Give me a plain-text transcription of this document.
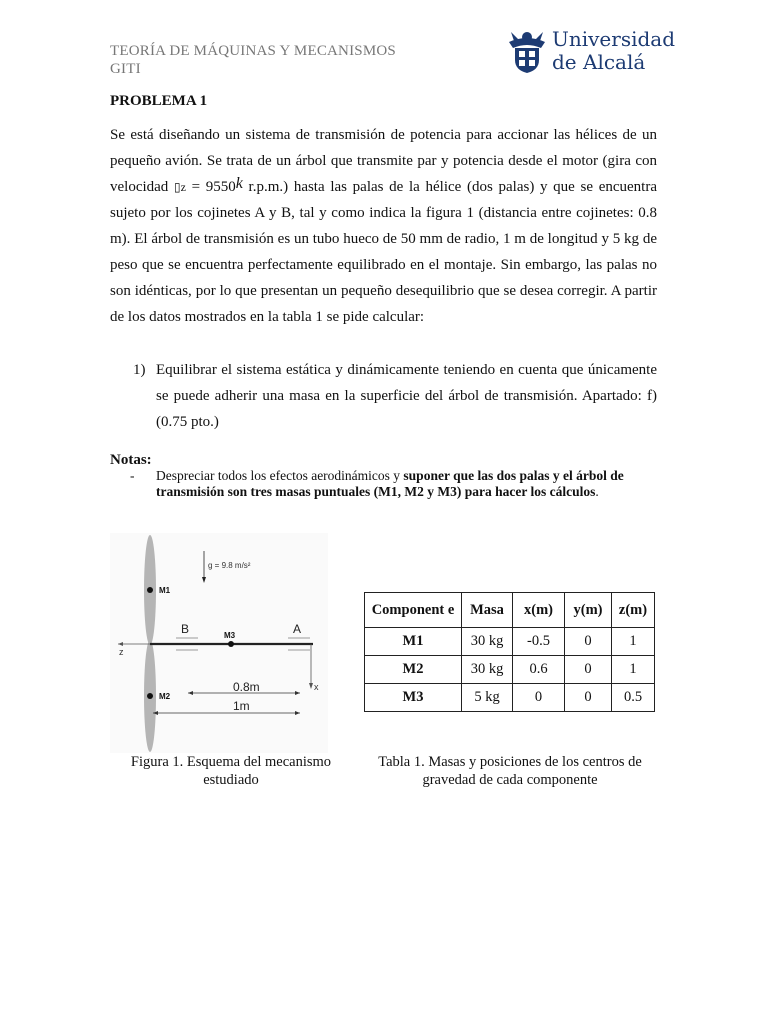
TEORÍA DE MÁQUINAS Y MECANISMOS
GITI
Universidad
de Alcalá
PROBLEMA 1
Se está diseñando un sistema de transmisión de potencia para accionar las hélices de un pequeño avión. Se trata de un árbol que transmite par y potencia desde el motor (gira con velocidad ▯z = 9550k r.p.m.) hasta las palas de la hélice (dos palas) y que se encuentra sujeto por los cojinetes A y B, tal y como indica la figura 1 (distancia entre cojinetes: 0.8 m). El árbol de transmisión es un tubo hueco de 50 mm de radio, 1 m de longitud y 5 kg de peso que se encuentra perfectamente equilibrado en el montaje. Sin embargo, las palas no son idénticas, por lo que presentan un pequeño desequilibrio que se desea corregir. A partir de los datos mostrados en la tabla 1 se pide calcular:
1) Equilibrar el sistema estática y dinámicamente teniendo en cuenta que únicamente se puede adherir una masa en la superficie del árbol de transmisión. Apartado: f) (0.75 pto.)
Notas:
- Despreciar todos los efectos aerodinámicos y suponer que las dos palas y el árbol de transmisión son tres masas puntuales (M1, M2 y M3) para hacer los cálculos.
z
x
g = 9.8 m/s²
M1
M2
M3
B	A
0.8m
1m
Figura 1. Esquema del mecanismo estudiado
Component e	Masa	x(m)	y(m)	z(m)
M1	30 kg	-0.5	0	1
M2	30 kg	0.6	0	1
M3	5 kg	0	0	0.5
Tabla 1. Masas y posiciones de los centros de gravedad de cada componente
